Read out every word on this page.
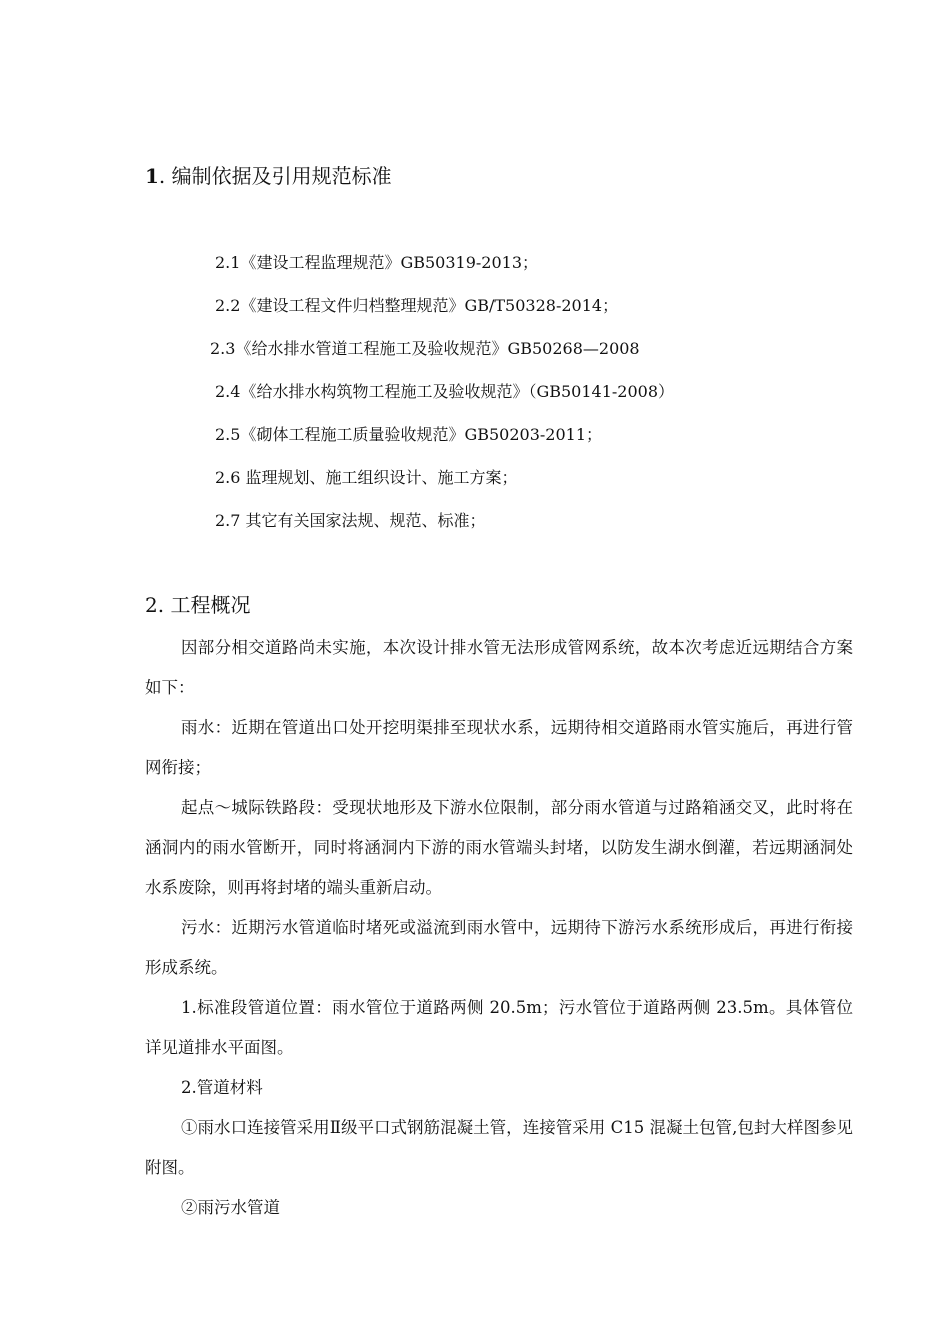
1. 编制依据及引用规范标准
2.1《建设工程监理规范》GB50319-2013；
2.2《建设工程文件归档整理规范》GB/T50328-2014；
2.3《给水排水管道工程施工及验收规范》GB50268—2008
2.4《给水排水构筑物工程施工及验收规范》（GB50141-2008）
2.5《砌体工程施工质量验收规范》GB50203-2011；
2.6 监理规划、施工组织设计、施工方案；
2.7 其它有关国家法规、规范、标准；
2. 工程概况

因部分相交道路尚未实施，本次设计排水管无法形成管网系统，故本次考虑近远期结合方案如下：

雨水：近期在管道出口处开挖明渠排至现状水系，远期待相交道路雨水管实施后，再进行管网衔接；

起点～城际铁路段：受现状地形及下游水位限制，部分雨水管道与过路箱涵交叉，此时将在涵洞内的雨水管断开，同时将涵洞内下游的雨水管端头封堵，以防发生湖水倒灌，若远期涵洞处水系废除，则再将封堵的端头重新启动。

污水：近期污水管道临时堵死或溢流到雨水管中，远期待下游污水系统形成后，再进行衔接形成系统。

1.标准段管道位置：雨水管位于道路两侧 20.5m；污水管位于道路两侧 23.5m。具体管位详见道排水平面图。

2.管道材料

①雨水口连接管采用Ⅱ级平口式钢筋混凝土管，连接管采用 C15 混凝土包管,包封大样图参见附图。

②雨污水管道
